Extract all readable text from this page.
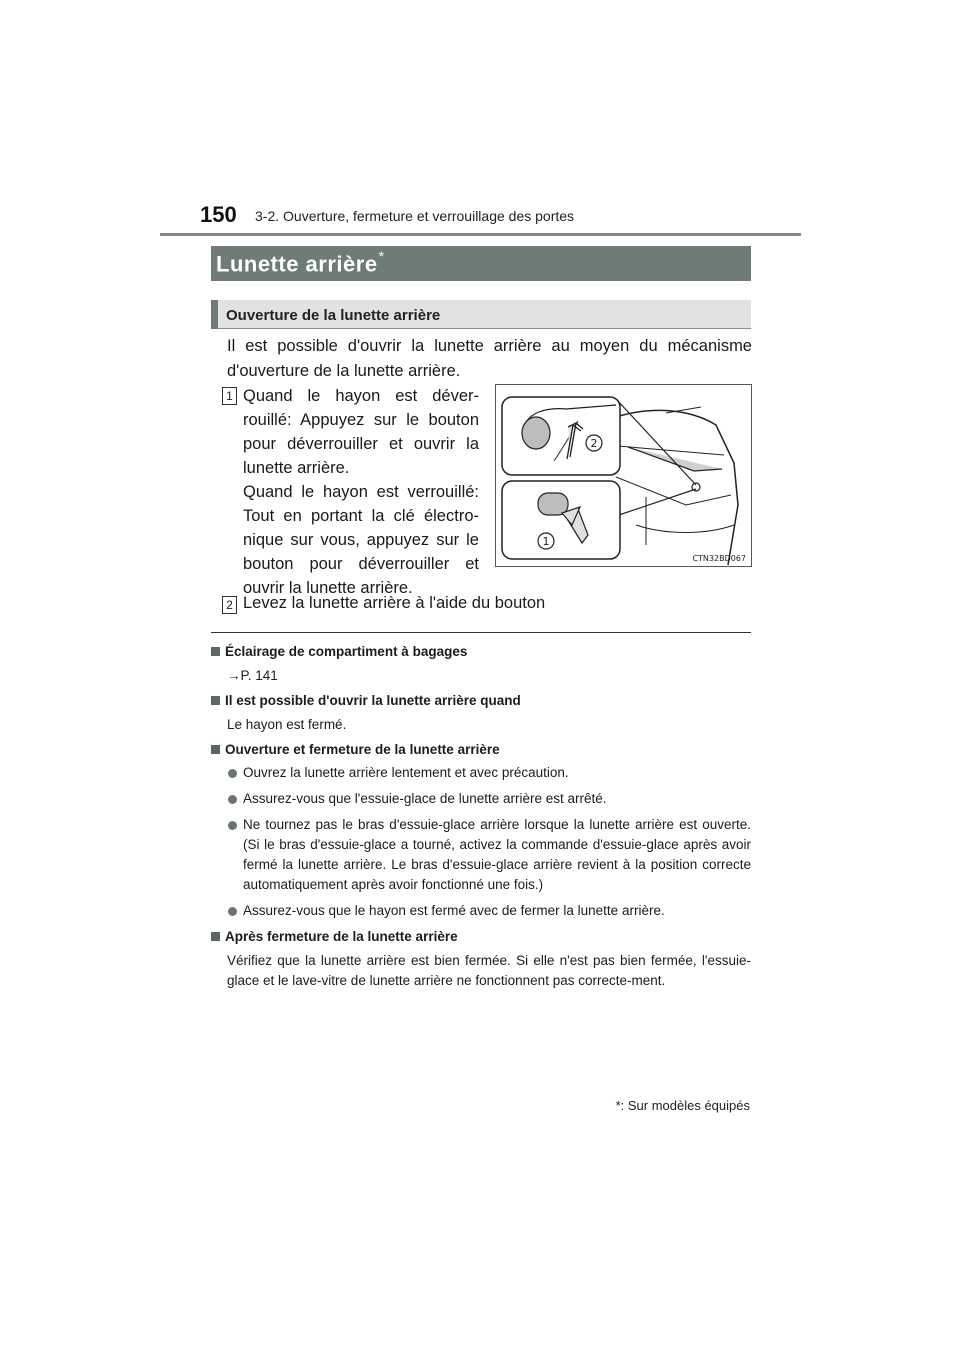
150 3-2. Ouverture, fermeture et verrouillage des portes
Lunette arrière*
Ouverture de la lunette arrière

Il est possible d'ouvrir la lunette arrière au moyen du mécanisme d'ouverture de la lunette arrière.

1 Quand le hayon est déver-rouillé: Appuyez sur le bouton pour déverrouiller et ouvrir la lunette arrière.

Quand le hayon est verrouillé: Tout en portant la clé électro-nique sur vous, appuyez sur le bouton pour déverrouiller et ouvrir la lunette arrière.

2
1
CTN32BD067
2 Levez la lunette arrière à l'aide du bouton
Éclairage de compartiment à bagages
→P. 141
Il est possible d'ouvrir la lunette arrière quand
Le hayon est fermé.
Ouverture et fermeture de la lunette arrière
Ouvrez la lunette arrière lentement et avec précaution.
Assurez-vous que l'essuie-glace de lunette arrière est arrêté.
Ne tournez pas le bras d'essuie-glace arrière lorsque la lunette arrière est ouverte. (Si le bras d'essuie-glace a tourné, activez la commande d'essuie-glace après avoir fermé la lunette arrière. Le bras d'essuie-glace arrière revient à la position correcte automatiquement après avoir fonctionné une fois.)
Assurez-vous que le hayon est fermé avec de fermer la lunette arrière.
Après fermeture de la lunette arrière
Vérifiez que la lunette arrière est bien fermée. Si elle n'est pas bien fermée, l'essuie-glace et le lave-vitre de lunette arrière ne fonctionnent pas correcte-ment.
*: Sur modèles équipés
